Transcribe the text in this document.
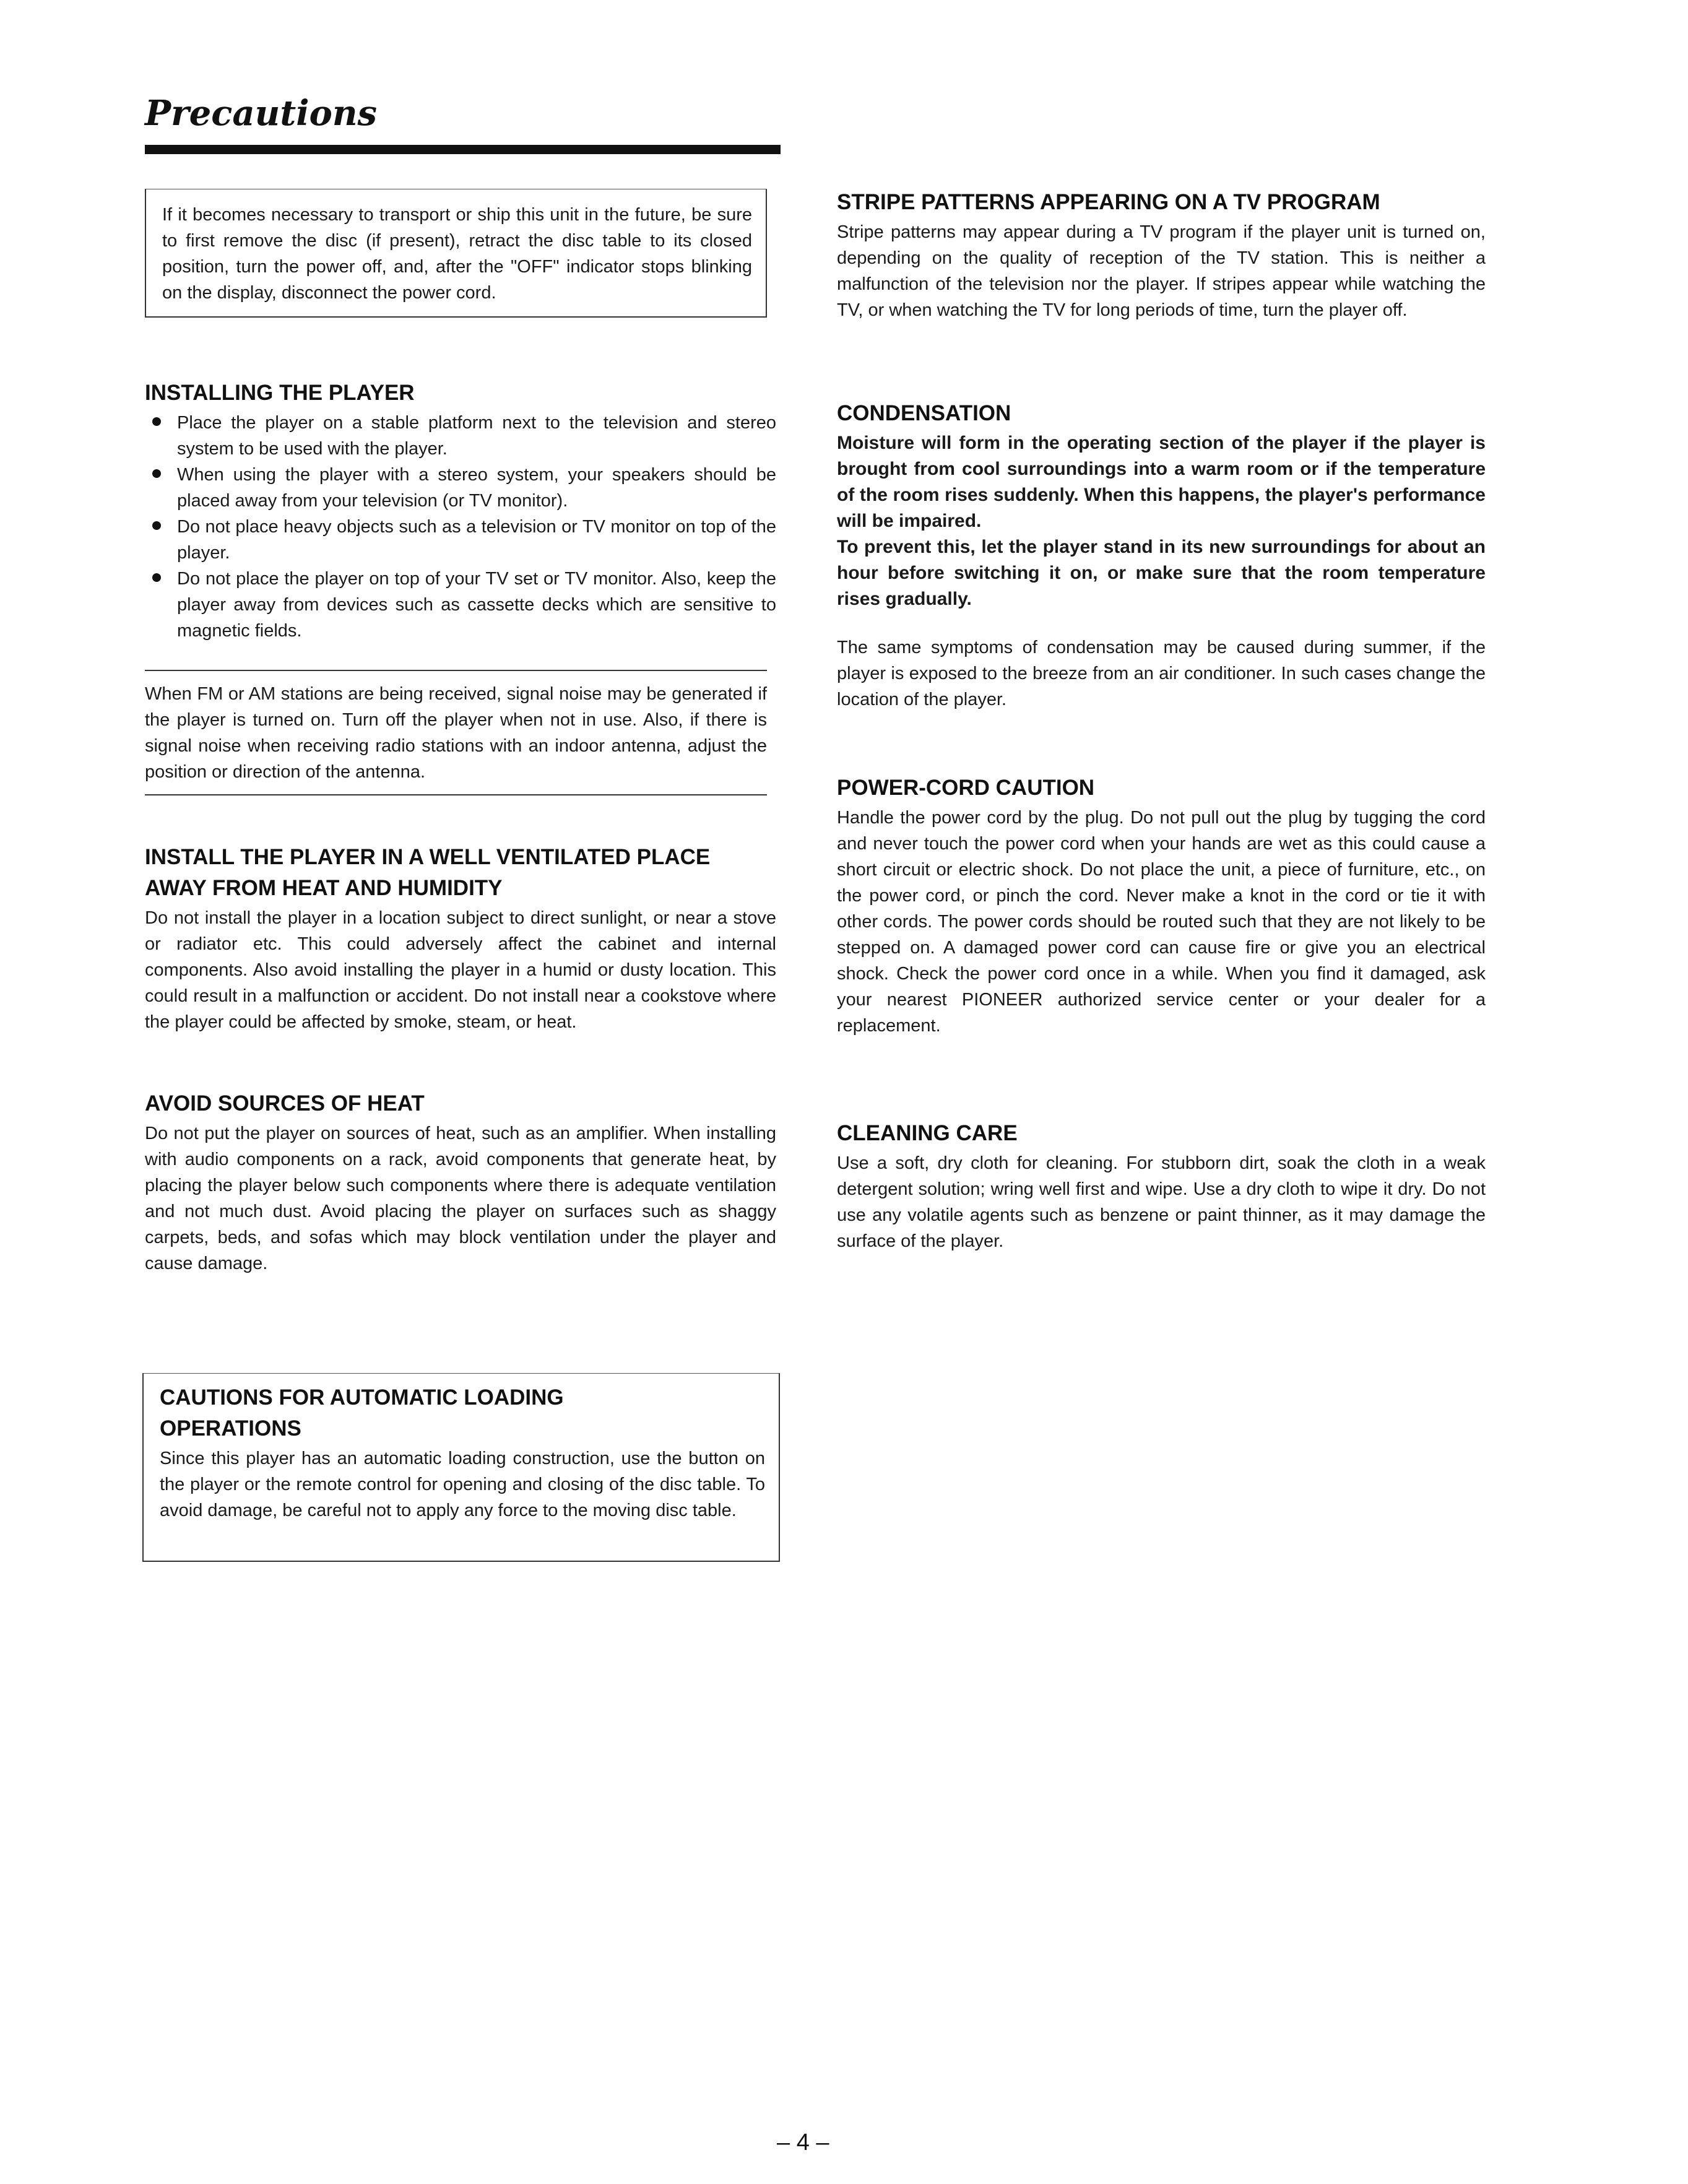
Precautions

If it becomes necessary to transport or ship this unit in the future, be sure to first remove the disc (if present), retract the disc table to its closed position, turn the power off, and, after the "OFF" indicator stops blinking on the display, disconnect the power cord.

INSTALLING THE PLAYER

Place the player on a stable platform next to the television and stereo system to be used with the player.

When using the player with a stereo system, your speakers should be placed away from your television (or TV monitor).

Do not place heavy objects such as a television or TV monitor on top of the player.

Do not place the player on top of your TV set or TV monitor. Also, keep the player away from devices such as cassette decks which are sensitive to magnetic fields.

When FM or AM stations are being received, signal noise may be generated if the player is turned on. Turn off the player when not in use. Also, if there is signal noise when receiving radio stations with an indoor antenna, adjust the position or direction of the antenna.

INSTALL THE PLAYER IN A WELL VENTILATED PLACE
AWAY FROM HEAT AND HUMIDITY

Do not install the player in a location subject to direct sunlight, or near a stove or radiator etc. This could adversely affect the cabinet and internal components. Also avoid installing the player in a humid or dusty location. This could result in a malfunction or accident. Do not install near a cookstove where the player could be affected by smoke, steam, or heat.

AVOID SOURCES OF HEAT

Do not put the player on sources of heat, such as an amplifier. When installing with audio components on a rack, avoid components that generate heat, by placing the player below such components where there is adequate ventilation and not much dust. Avoid placing the player on surfaces such as shaggy carpets, beds, and sofas which may block ventilation under the player and cause damage.

CAUTIONS FOR AUTOMATIC LOADING
OPERATIONS

Since this player has an automatic loading construction, use the button on the player or the remote control for opening and closing of the disc table. To avoid damage, be careful not to apply any force to the moving disc table.

STRIPE PATTERNS APPEARING ON A TV PROGRAM

Stripe patterns may appear during a TV program if the player unit is turned on, depending on the quality of reception of the TV station. This is neither a malfunction of the television nor the player. If stripes appear while watching the TV, or when watching the TV for long periods of time, turn the player off.

CONDENSATION

Moisture will form in the operating section of the player if the player is brought from cool surroundings into a warm room or if the temperature of the room rises suddenly. When this happens, the player's performance will be impaired.

To prevent this, let the player stand in its new surroundings for about an hour before switching it on, or make sure that the room temperature rises gradually.

The same symptoms of condensation may be caused during summer, if the player is exposed to the breeze from an air conditioner. In such cases change the location of the player.

POWER-CORD CAUTION

Handle the power cord by the plug. Do not pull out the plug by tugging the cord and never touch the power cord when your hands are wet as this could cause a short circuit or electric shock. Do not place the unit, a piece of furniture, etc., on the power cord, or pinch the cord. Never make a knot in the cord or tie it with other cords. The power cords should be routed such that they are not likely to be stepped on. A damaged power cord can cause fire or give you an electrical shock. Check the power cord once in a while. When you find it damaged, ask your nearest PIONEER authorized service center or your dealer for a replacement.

CLEANING CARE

Use a soft, dry cloth for cleaning. For stubborn dirt, soak the cloth in a weak detergent solution; wring well first and wipe. Use a dry cloth to wipe it dry. Do not use any volatile agents such as benzene or paint thinner, as it may damage the surface of the player.

– 4 –
